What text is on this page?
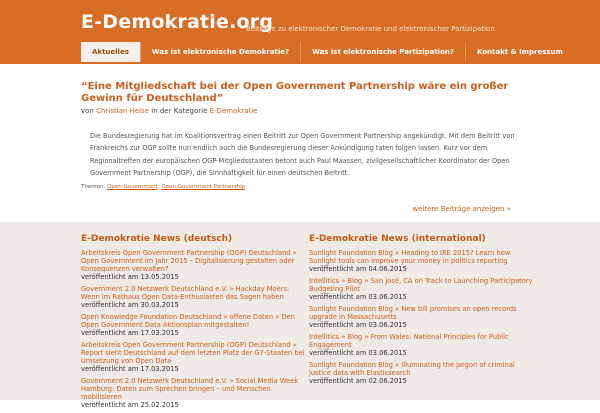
E-Demokratie.org
Beiträge zu elektronischer Demokratie und elektronischer Partizipation
Aktuelles	Was ist elektronische Demokratie?	Was ist elektronische Partizipation?	Kontakt & Impressum
“Eine Mitgliedschaft bei der Open Government Partnership wäre ein großer Gewinn für Deutschland”
von Christian Heise in der Kategorie E-Demokratie

Die Bundesregierung hat im Koalitionsvertrag einen Beitritt zur Open Government Partnership angekündigt. Mit dem Beitritt von Frankreichs zur OGP sollte nun endlich auch die Bundesregierung dieser Ankündigung taten folgen lassen. Kurz vor dem Regionaltreffen der europäischen OGP-Mitgliedsstaaten betont auch Paul Maassen, zivilgesellschaftlicher Koordinator der Open Government Partnership (OGP), die Sinnhaftigkeit für einen deutschen Beitritt.

Themen: Open Government, Open Government Partnership
weitere Beiträge anzeigen »
E-Demokratie News (deutsch)
Arbeitskreis Open Government Partnership (OGP) Deutschland » Open Government im Jahr 2015 – Digitalisierung gestalten oder Konsequenzen verwalten?
veröffentlicht am 13.05.2015
Government 2.0 Netzwerk Deutschland e.V. » Hackday Moers: Wenn im Rathaus Open Data-Enthusiasten das Sagen haben
veröffentlicht am 30.03.2015
Open Knowledge Foundation Deutschland » offene Daten » Den Open Government Data Aktionsplan mitgestalten!
veröffentlicht am 17.03.2015
Arbeitskreis Open Government Partnership (OGP) Deutschland » Report sieht Deutschland auf dem letzten Platz der G7-Staaten bei Umsetzung von Open Data
veröffentlicht am 17.03.2015
Government 2.0 Netzwerk Deutschland e.V. » Social Media Week Hamburg: Daten zum Sprechen bringen – und Menschen mobilisieren
veröffentlicht am 25.02.2015
E-Demokratie News (international)
Sunlight Foundation Blog » Heading to IRE 2015? Learn how Sunlight tools can improve your money in politics reporting
veröffentlicht am 04.06.2015
Intellitics » Blog » San José, CA on Track to Launching Participatory Budgeting Pilot
veröffentlicht am 03.06.2015
Sunlight Foundation Blog » New bill promises an open records upgrade in Massachusetts
veröffentlicht am 03.06.2015
Intellitics » Blog » From Wales: National Principles for Public Engagement
veröffentlicht am 03.06.2015
Sunlight Foundation Blog » Illuminating the jargon of criminal justice data with Elasticsearch
veröffentlicht am 02.06.2015
